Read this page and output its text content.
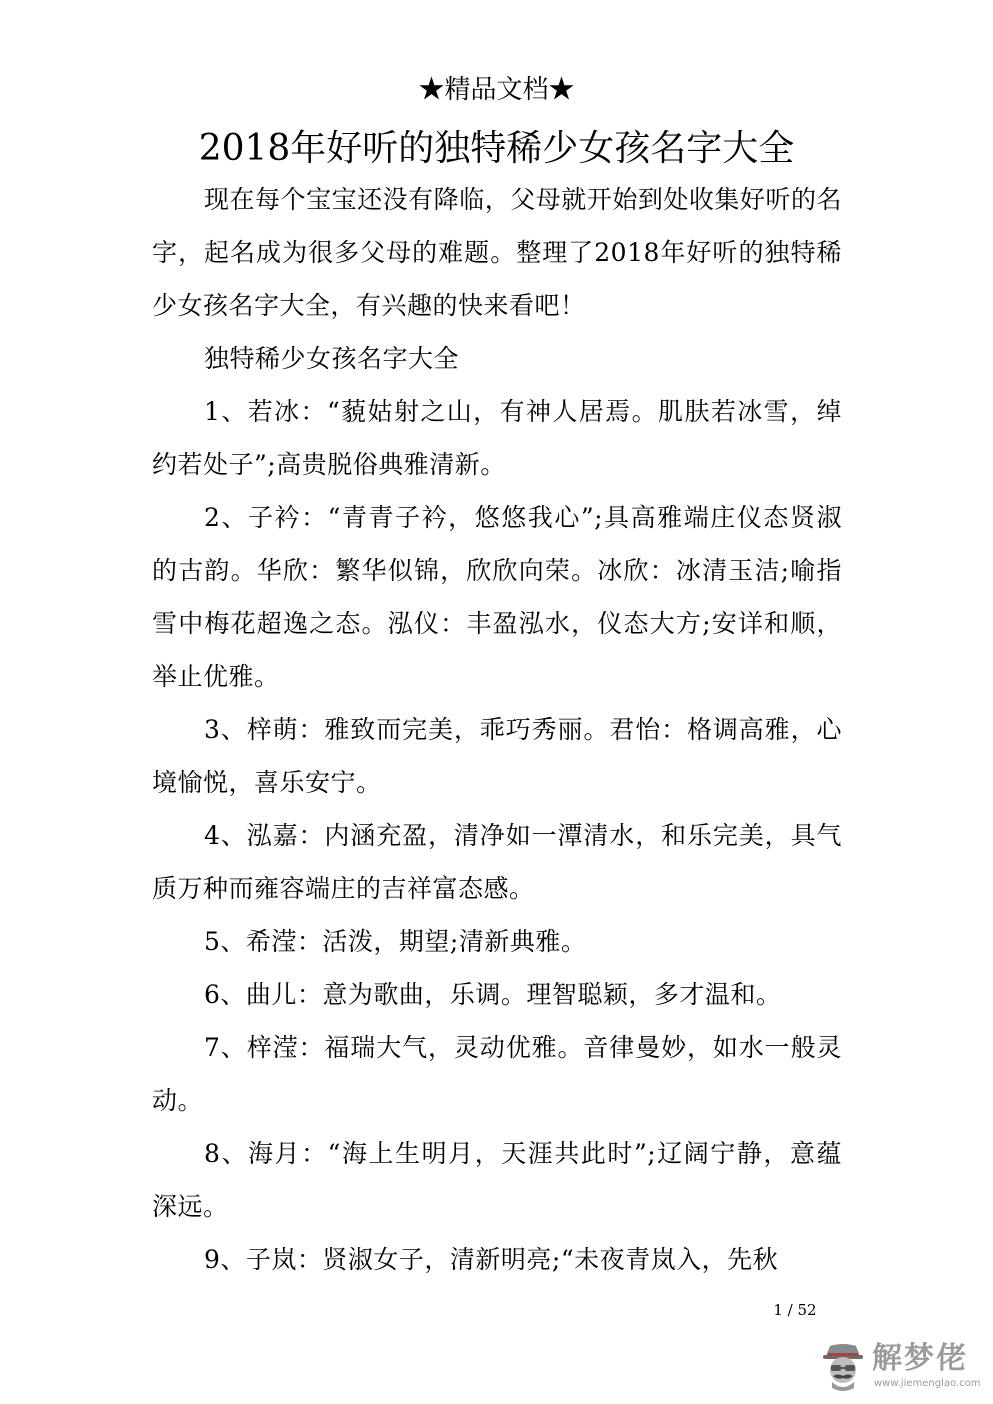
★精品文档★
2018年好听的独特稀少女孩名字大全

现在每个宝宝还没有降临，父母就开始到处收集好听的名字，起名成为很多父母的难题。整理了2018年好听的独特稀少女孩名字大全，有兴趣的快来看吧！

独特稀少女孩名字大全

1、若冰：“藐姑射之山，有神人居焉。肌肤若冰雪，绰约若处子”;高贵脱俗典雅清新。

2、子衿：“青青子衿，悠悠我心”;具高雅端庄仪态贤淑的古韵。华欣：繁华似锦，欣欣向荣。冰欣：冰清玉洁;喻指雪中梅花超逸之态。泓仪：丰盈泓水，仪态大方;安详和顺，举止优雅。

3、梓萌：雅致而完美，乖巧秀丽。君怡：格调高雅，心境愉悦，喜乐安宁。

4、泓嘉：内涵充盈，清净如一潭清水，和乐完美，具气质万种而雍容端庄的吉祥富态感。

5、希滢：活泼，期望;清新典雅。

6、曲儿：意为歌曲，乐调。理智聪颖，多才温和。

7、梓滢：福瑞大气，灵动优雅。音律曼妙，如水一般灵动。

8、海月：“海上生明月，天涯共此时”;辽阔宁静，意蕴深远。

9、子岚：贤淑女子，清新明亮;“未夜青岚入，先秋

1 / 52
解梦佬
www.jiemenglao.com
